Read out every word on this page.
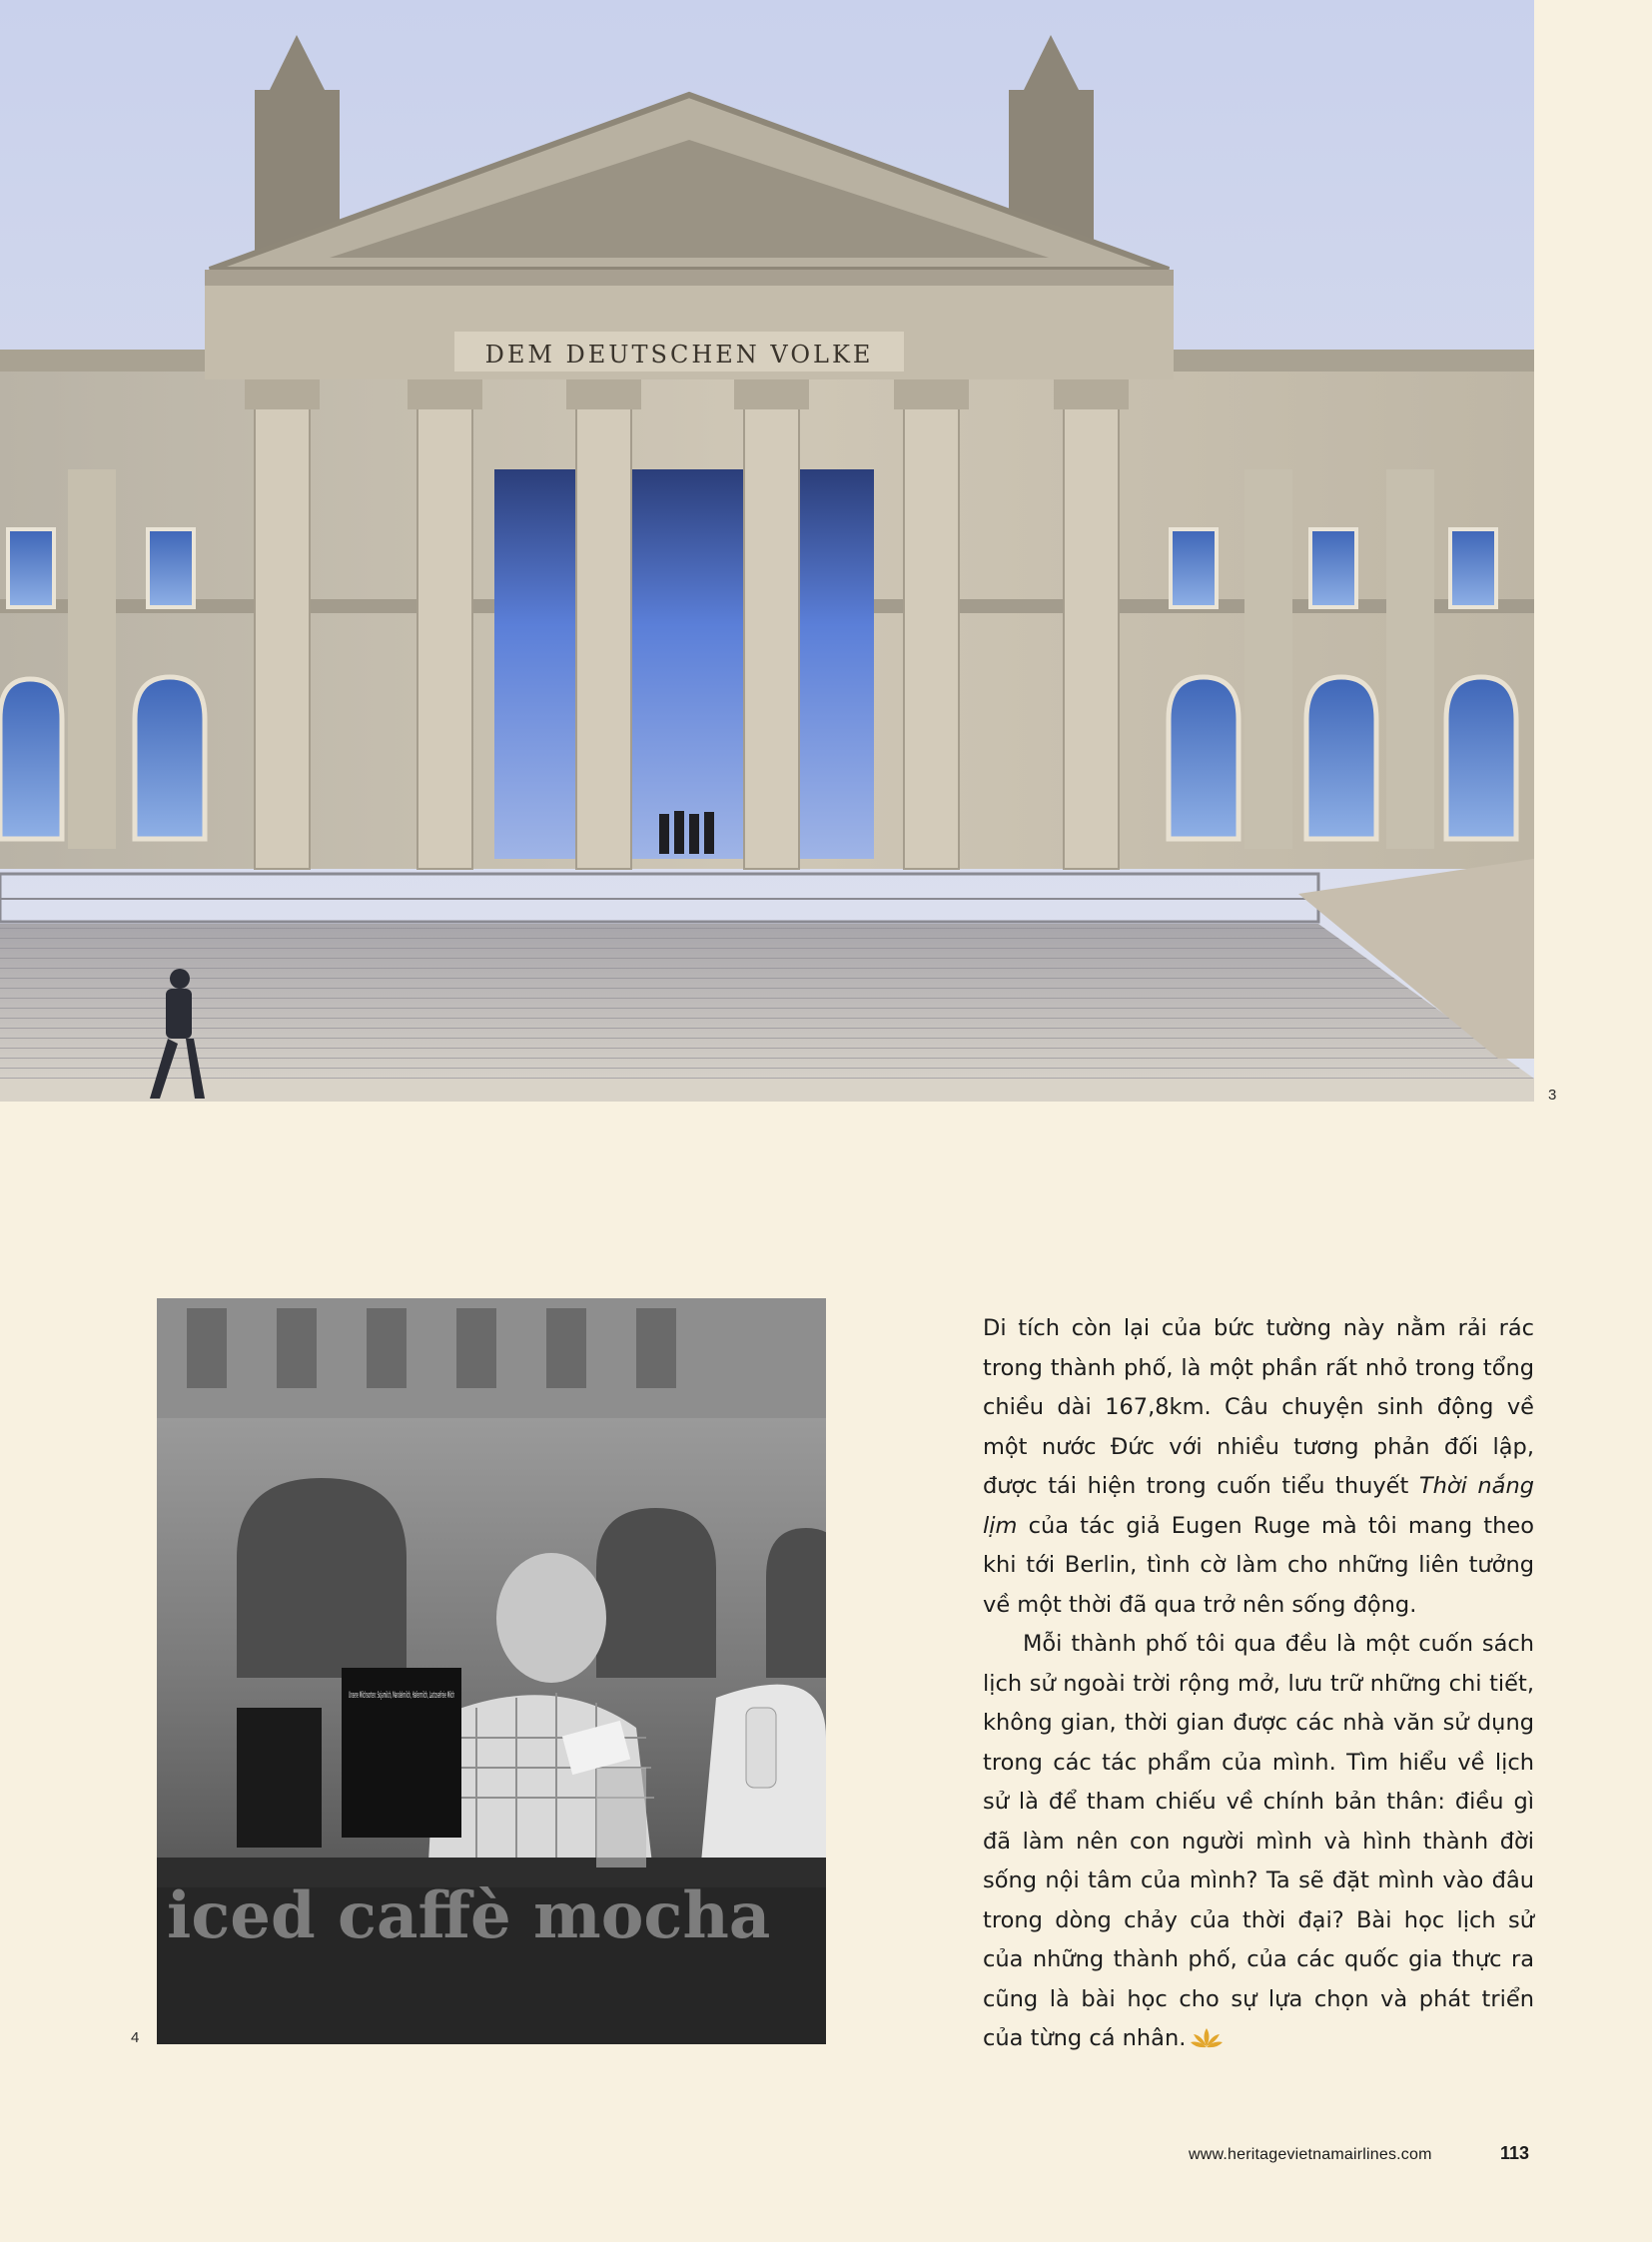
DEM DEUTSCHEN VOLKE
3
Unsere Milchsorten: Sojamilch, Mandelmilch, Hafermilch, Lactosefreie Milch
iced caffè mocha
4

Di tích còn lại của bức tường này nằm rải rác trong thành phố, là một phần rất nhỏ trong tổng chiều dài 167,8km. Câu chuyện sinh động về một nước Đức với nhiều tương phản đối lập, được tái hiện trong cuốn tiểu thuyết Thời nắng lịm của tác giả Eugen Ruge mà tôi mang theo khi tới Berlin, tình cờ làm cho những liên tưởng về một thời đã qua trở nên sống động.

Mỗi thành phố tôi qua đều là một cuốn sách lịch sử ngoài trời rộng mở, lưu trữ những chi tiết, không gian, thời gian được các nhà văn sử dụng trong các tác phẩm của mình. Tìm hiểu về lịch sử là để tham chiếu về chính bản thân: điều gì đã làm nên con người mình và hình thành đời sống nội tâm của mình? Ta sẽ đặt mình vào đâu trong dòng chảy của thời đại? Bài học lịch sử của những thành phố, của các quốc gia thực ra cũng là bài học cho sự lựa chọn và phát triển của từng cá nhân.

www.heritagevietnamairlines.com	113
